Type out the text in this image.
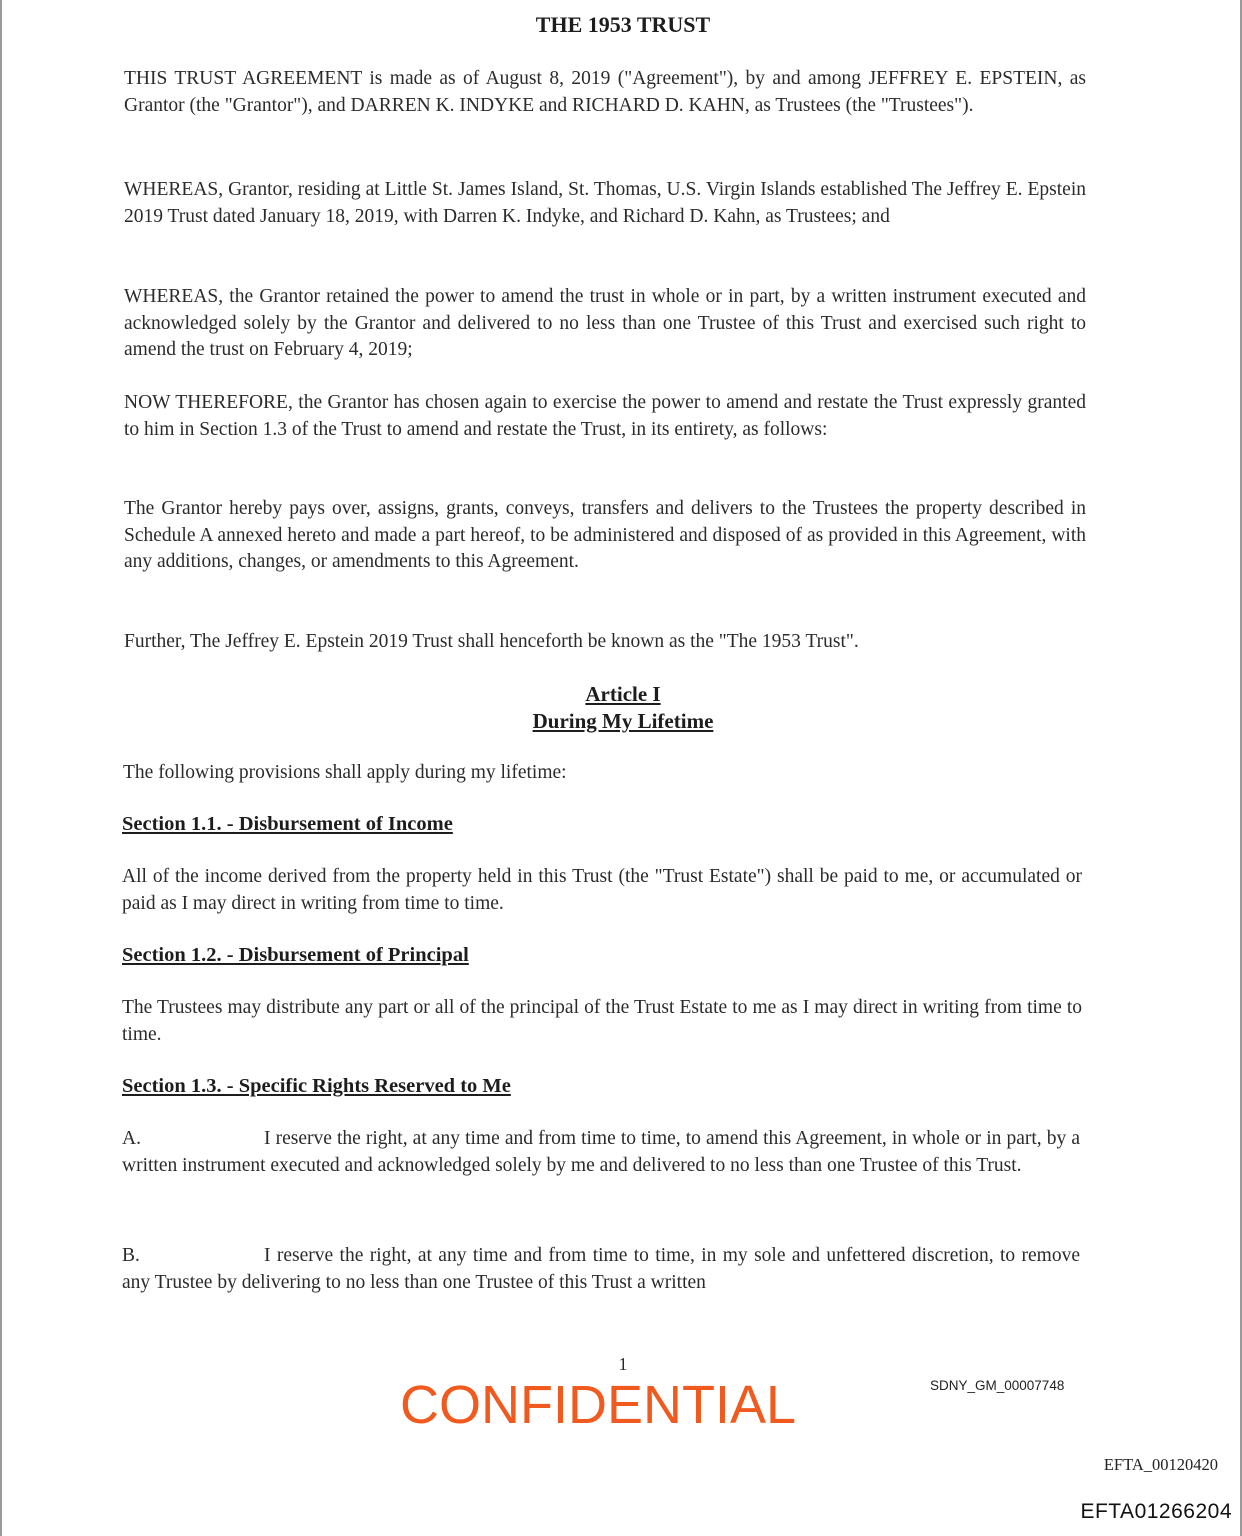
THE 1953 TRUST

THIS TRUST AGREEMENT is made as of August 8, 2019 ("Agreement"), by and among JEFFREY E. EPSTEIN, as Grantor (the "Grantor"), and DARREN K. INDYKE and RICHARD D. KAHN, as Trustees (the "Trustees").

WHEREAS, Grantor, residing at Little St. James Island, St. Thomas, U.S. Virgin Islands established The Jeffrey E. Epstein 2019 Trust dated January 18, 2019, with Darren K. Indyke, and Richard D. Kahn, as Trustees; and

WHEREAS, the Grantor retained the power to amend the trust in whole or in part, by a written instrument executed and acknowledged solely by the Grantor and delivered to no less than one Trustee of this Trust and exercised such right to amend the trust on February 4, 2019;

NOW THEREFORE, the Grantor has chosen again to exercise the power to amend and restate the Trust expressly granted to him in Section 1.3 of the Trust to amend and restate the Trust, in its entirety, as follows:

The Grantor hereby pays over, assigns, grants, conveys, transfers and delivers to the Trustees the property described in Schedule A annexed hereto and made a part hereof, to be administered and disposed of as provided in this Agreement, with any additions, changes, or amendments to this Agreement.

Further, The Jeffrey E. Epstein 2019 Trust shall henceforth be known as the "The 1953 Trust".

Article I
During My Lifetime

The following provisions shall apply during my lifetime:

Section 1.1. - Disbursement of Income

All of the income derived from the property held in this Trust (the "Trust Estate") shall be paid to me, or accumulated or paid as I may direct in writing from time to time.

Section 1.2. - Disbursement of Principal

The Trustees may distribute any part or all of the principal of the Trust Estate to me as I may direct in writing from time to time.

Section 1.3. - Specific Rights Reserved to Me

A.	I reserve the right, at any time and from time to time, to amend this Agreement, in whole or in part, by a written instrument executed and acknowledged solely by me and delivered to no less than one Trustee of this Trust.

B.	I reserve the right, at any time and from time to time, in my sole and unfettered discretion, to remove any Trustee by delivering to no less than one Trustee of this Trust a written

1
CONFIDENTIAL	SDNY_GM_00007748
EFTA_00120420
EFTA01266204
